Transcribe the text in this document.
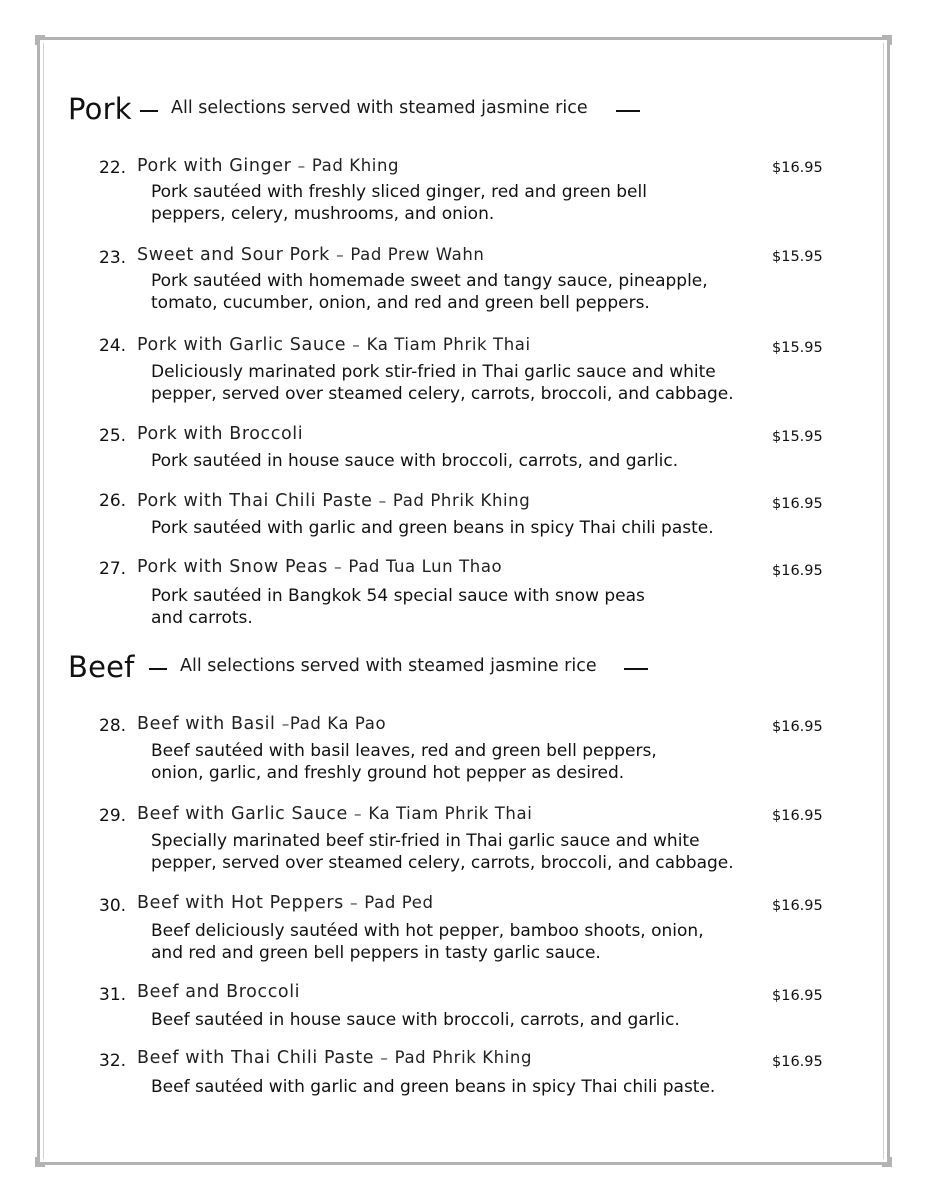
Pork All selections served with steamed jasmine rice
22. Pork with Ginger – Pad Khing	$16.95
Pork sautéed with freshly sliced ginger, red and green bell
peppers, celery, mushrooms, and onion.
23. Sweet and Sour Pork – Pad Prew Wahn	$15.95
Pork sautéed with homemade sweet and tangy sauce, pineapple,
tomato, cucumber, onion, and red and green bell peppers.
24. Pork with Garlic Sauce – Ka Tiam Phrik Thai	$15.95
Deliciously marinated pork stir-fried in Thai garlic sauce and white
pepper, served over steamed celery, carrots, broccoli, and cabbage.
25. Pork with Broccoli	$15.95
Pork sautéed in house sauce with broccoli, carrots, and garlic.
26. Pork with Thai Chili Paste – Pad Phrik Khing	$16.95
Pork sautéed with garlic and green beans in spicy Thai chili paste.
27. Pork with Snow Peas – Pad Tua Lun Thao	$16.95
Pork sautéed in Bangkok 54 special sauce with snow peas
and carrots.
Beef	All selections served with steamed jasmine rice
28. Beef with Basil –Pad Ka Pao	$16.95
Beef sautéed with basil leaves, red and green bell peppers,
onion, garlic, and freshly ground hot pepper as desired.
29. Beef with Garlic Sauce – Ka Tiam Phrik Thai	$16.95
Specially marinated beef stir-fried in Thai garlic sauce and white
pepper, served over steamed celery, carrots, broccoli, and cabbage.
30. Beef with Hot Peppers – Pad Ped	$16.95
Beef deliciously sautéed with hot pepper, bamboo shoots, onion,
and red and green bell peppers in tasty garlic sauce.
31. Beef and Broccoli	$16.95
Beef sautéed in house sauce with broccoli, carrots, and garlic.
32. Beef with Thai Chili Paste – Pad Phrik Khing	$16.95
Beef sautéed with garlic and green beans in spicy Thai chili paste.
